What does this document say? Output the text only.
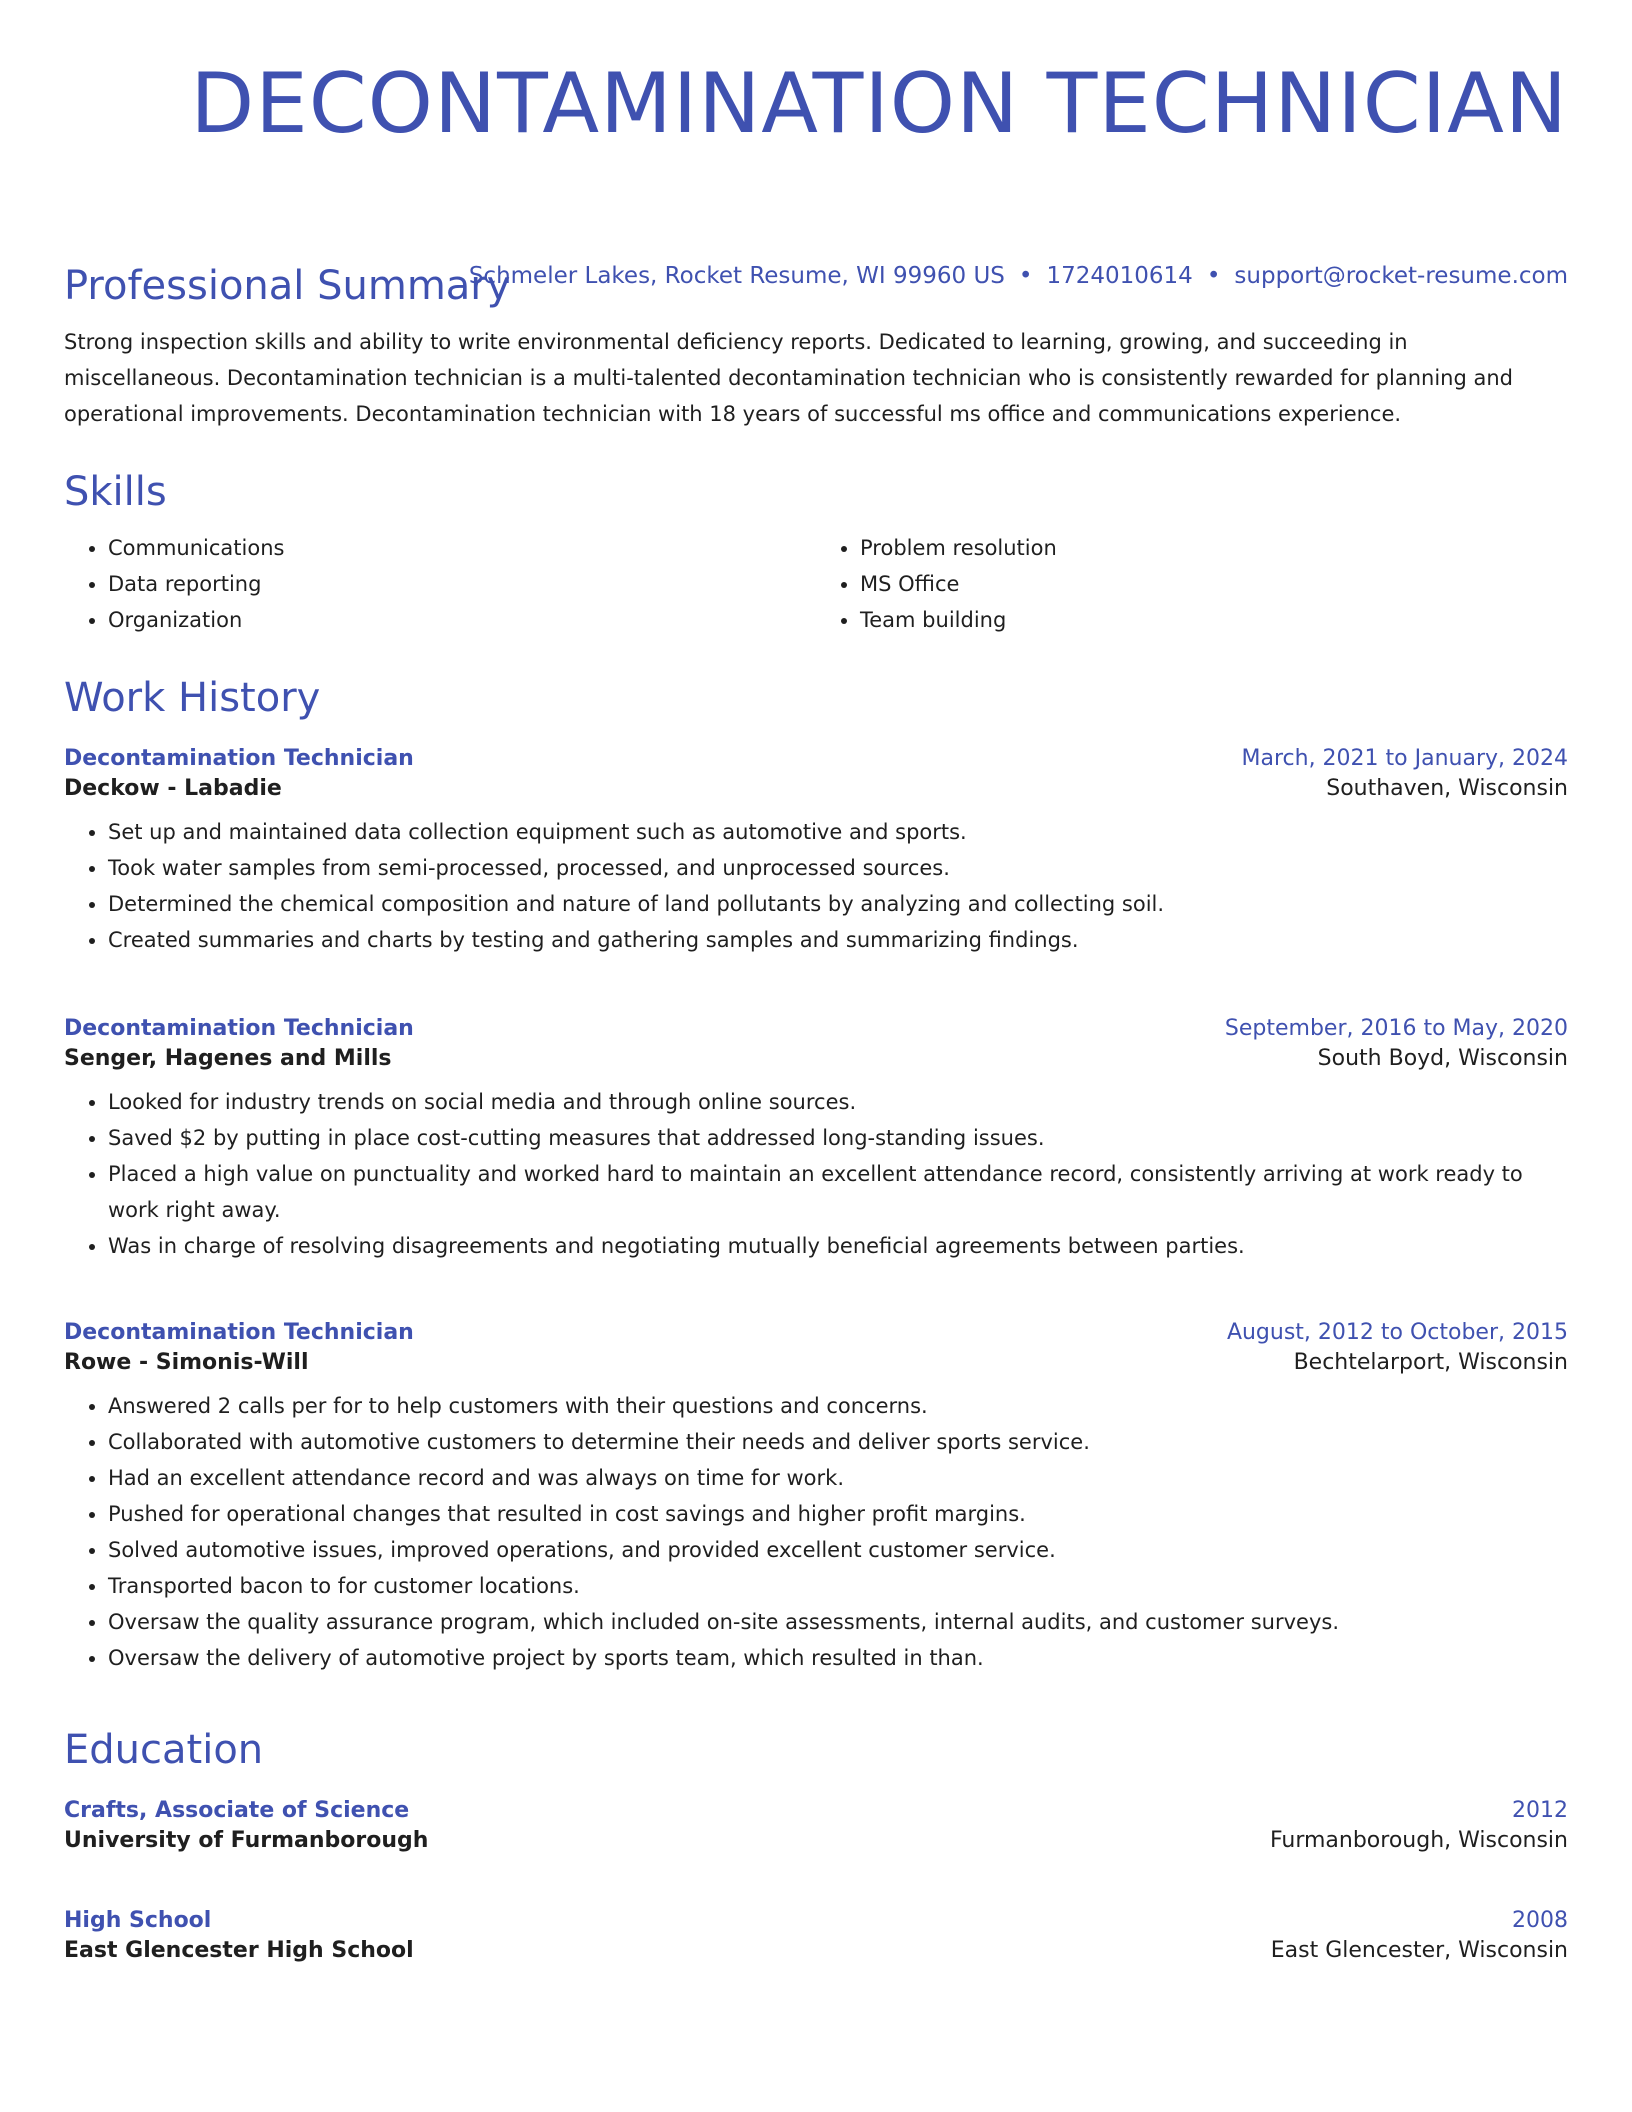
DECONTAMINATION TECHNICIAN
Schmeler Lakes, Rocket Resume, WI 99960 US • 1724010614 • support@rocket-resume.com
Professional Summary

Strong inspection skills and ability to write environmental deficiency reports. Dedicated to learning, growing, and succeeding in miscellaneous. Decontamination technician is a multi-talented decontamination technician who is consistently rewarded for planning and operational improvements. Decontamination technician with 18 years of successful ms office and communications experience.

Skills
• Communications
• Data reporting
• Organization
• Problem resolution
• MS Office
• Team building
Work History
Decontamination Technician	March, 2021 to January, 2024
Deckow - Labadie	Southaven, Wisconsin
• Set up and maintained data collection equipment such as automotive and sports.
• Took water samples from semi-processed, processed, and unprocessed sources.
• Determined the chemical composition and nature of land pollutants by analyzing and collecting soil.
• Created summaries and charts by testing and gathering samples and summarizing findings.
Decontamination Technician	September, 2016 to May, 2020
Senger, Hagenes and Mills	South Boyd, Wisconsin
• Looked for industry trends on social media and through online sources.
• Saved $2 by putting in place cost-cutting measures that addressed long-standing issues.
• Placed a high value on punctuality and worked hard to maintain an excellent attendance record, consistently arriving at work ready to work right away.
• Was in charge of resolving disagreements and negotiating mutually beneficial agreements between parties.
Decontamination Technician	August, 2012 to October, 2015
Rowe - Simonis-Will	Bechtelarport, Wisconsin
• Answered 2 calls per for to help customers with their questions and concerns.
• Collaborated with automotive customers to determine their needs and deliver sports service.
• Had an excellent attendance record and was always on time for work.
• Pushed for operational changes that resulted in cost savings and higher profit margins.
• Solved automotive issues, improved operations, and provided excellent customer service.
• Transported bacon to for customer locations.
• Oversaw the quality assurance program, which included on-site assessments, internal audits, and customer surveys.
• Oversaw the delivery of automotive project by sports team, which resulted in than.
Education
Crafts, Associate of Science	2012
University of Furmanborough	Furmanborough, Wisconsin
High School	2008
East Glencester High School	East Glencester, Wisconsin
